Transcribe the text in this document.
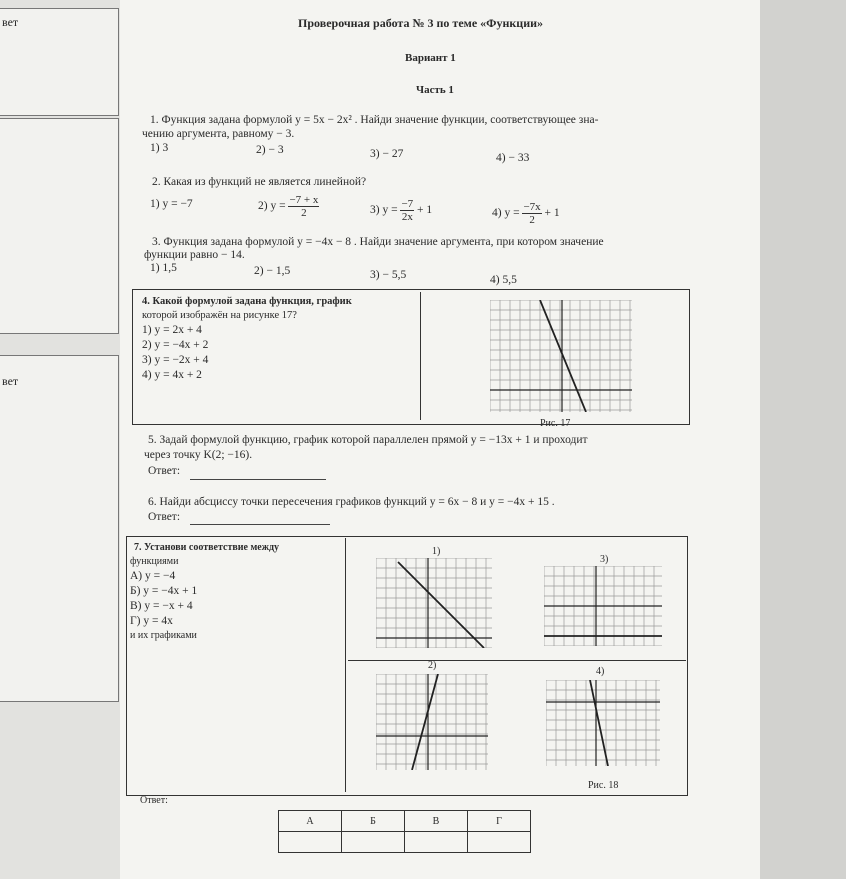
вет
вет
Проверочная работа № 3 по теме «Функции»
Вариант 1
Часть 1
1. Функция задана формулой y = 5x − 2x² . Найди значение функции, соответствующее зна-
чению аргумента, равному − 3.
1) 3	2) − 3	3) − 27	4) − 33
2. Какая из функций не является линейной?
1) y = −7	2) $y = \frac{-7 + x}{2}$	3) $y = \frac{-7}{2x} + 1$	4) $y = \frac{-7x}{2} + 1$
3. Функция задана формулой y = −4x − 8 . Найди значение аргумента, при котором значение
функции равно − 14.
1) 1,5	2) − 1,5	3) − 5,5	4) 5,5
4. Какой формулой задана функция, график
которой изображён на рисунке 17?
1) y = 2x + 4
2) y = −4x + 2
3) y = −2x + 4
4) y = 4x + 2
Рис. 17
5. Задай формулой функцию, график которой параллелен прямой y = −13x + 1 и проходит
через точку K(2; −16).
Ответ:
6. Найди абсциссу точки пересечения графиков функций y = 6x − 8 и y = −4x + 15 .
Ответ:
7. Установи соответствие между
функциями
А) y = −4
Б) y = −4x + 1
В) y = −x + 4
Г) y = 4x
и их графиками
1)
3)
2)
4)
Рис. 18
Ответ:
А	Б	В	Г
